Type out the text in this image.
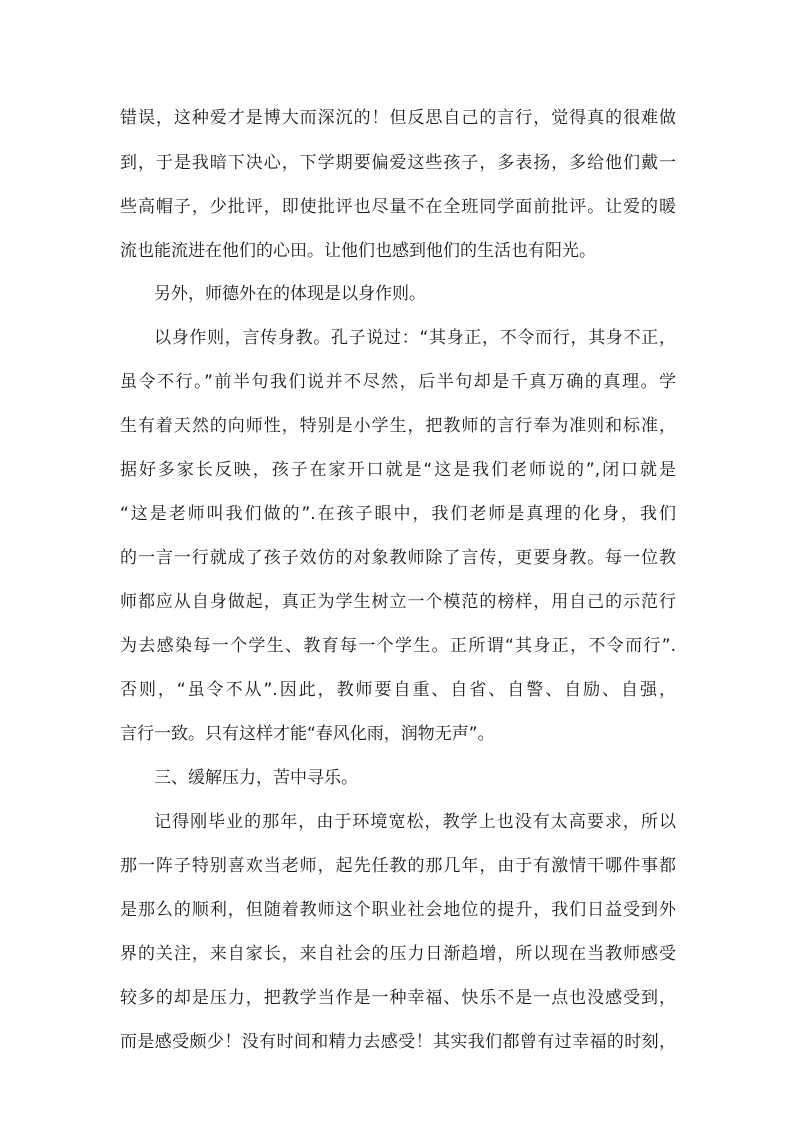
错误，这种爱才是博大而深沉的！但反思自己的言行，觉得真的很难做
到，于是我暗下决心，下学期要偏爱这些孩子，多表扬，多给他们戴一
些高帽子，少批评，即使批评也尽量不在全班同学面前批评。让爱的暖
流也能流进在他们的心田。让他们也感到他们的生活也有阳光。
另外，师德外在的体现是以身作则。
以身作则，言传身教。孔子说过：“其身正，不令而行，其身不正，
虽令不行。”前半句我们说并不尽然，后半句却是千真万确的真理。学
生有着天然的向师性，特别是小学生，把教师的言行奉为准则和标准，
据好多家长反映，孩子在家开口就是“这是我们老师说的”,闭口就是
“这是老师叫我们做的”.在孩子眼中，我们老师是真理的化身，我们
的一言一行就成了孩子效仿的对象教师除了言传，更要身教。每一位教
师都应从自身做起，真正为学生树立一个模范的榜样，用自己的示范行
为去感染每一个学生、教育每一个学生。正所谓“其身正，不令而行”.
否则，“虽令不从”.因此，教师要自重、自省、自警、自励、自强，
言行一致。只有这样才能“春风化雨，润物无声”。
三、缓解压力，苦中寻乐。
记得刚毕业的那年，由于环境宽松，教学上也没有太高要求，所以
那一阵子特别喜欢当老师，起先任教的那几年，由于有激情干哪件事都
是那么的顺利，但随着教师这个职业社会地位的提升，我们日益受到外
界的关注，来自家长，来自社会的压力日渐趋增，所以现在当教师感受
较多的却是压力，把教学当作是一种幸福、快乐不是一点也没感受到，
而是感受颇少！没有时间和精力去感受！其实我们都曾有过幸福的时刻，
